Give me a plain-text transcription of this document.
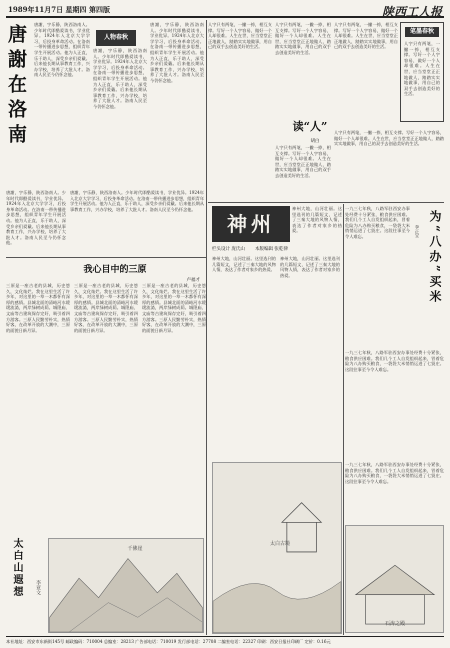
1989年11月7日 星期四 第四版	陕西工人报
唐謝在洛南	唐謝，字乐静，陕西洛南人。少年时代即酷爱读书，学业优异。1924年入北京大学学习，后投身革命活动。在洛南一带传播进步思想，组织青年学生开展活动。他为人正直，乐于助人，深受乡亲们爱戴。后来他长期从事教育工作，兴办学校，培养了大批人才。洛南人民至今仍怀念他。
唐謝，字乐静，陕西洛南人。少年时代即酷爱读书，学业优异。1924年入北京大学学习，后投身革命活动。在洛南一带传播进步思想，组织青年学生开展活动。他为人正直，乐于助人，深受乡亲们爱戴。后来他长期从事教育工作，兴办学校，培养了大批人才。洛南人民至今仍怀念他。
人物春秋
唐謝，字乐静，陕西洛南人。少年时代即酷爱读书，学业优异。1924年入北京大学学习，后投身革命活动。在洛南一带传播进步思想，组织青年学生开展活动。他为人正直，乐于助人，深受乡亲们爱戴。后来他长期从事教育工作，兴办学校，培养了大批人才。洛南人民至今仍怀念他。
唐謝，字乐静，陕西洛南人。少年时代即酷爱读书，学业优异。1924年入北京大学学习，后投身革命活动。在洛南一带传播进步思想，组织青年学生开展活动。他为人正直，乐于助人，深受乡亲们爱戴。后来他长期从事教育工作，兴办学校，培养了大批人才。洛南人民至今仍怀念他。
唐謝，字乐静，陕西洛南人。少年时代即酷爱读书，学业优异。1924年入北京大学学习，后投身革命活动。在洛南一带传播进步思想，组织青年学生开展活动。他为人正直，乐于助人，深受乡亲们爱戴。后来他长期从事教育工作，兴办学校，培养了大批人才。洛南人民至今仍怀念他。
我心目中的三原
卢福才
三原是一座古老的县城，历史悠久，文化灿烂。我在这里生活了许多年，对这里的一草一木都怀有深厚的感情。县城北面的清峪河水缓缓流淌，两岸绿树成荫。城隍庙、文庙等古建筑保存完好，吸引着四方游客。三原人民勤劳朴实，热情好客，在改革开放的大潮中，三原的面貌日新月异。
三原是一座古老的县城，历史悠久，文化灿烂。我在这里生活了许多年，对这里的一草一木都怀有深厚的感情。县城北面的清峪河水缓缓流淌，两岸绿树成荫。城隍庙、文庙等古建筑保存完好，吸引着四方游客。三原人民勤劳朴实，热情好客，在改革开放的大潮中，三原的面貌日新月异。
三原是一座古老的县城，历史悠久，文化灿烂。我在这里生活了许多年，对这里的一草一木都怀有深厚的感情。县城北面的清峪河水缓缓流淌，两岸绿树成荫。城隍庙、文庙等古建筑保存完好，吸引着四方游客。三原人民勤劳朴实，热情好客，在改革开放的大潮中，三原的面貌日新月异。
太白山遐想	李亚文
千佛崖
人字只有两笔，一撇一捺，相互支撑。写好一个人字容易，做好一个人却很难。人生在世，应当堂堂正正地做人，踏踏实实地做事，用自己的双手去创造美好的生活。
人字只有两笔，一撇一捺，相互支撑。写好一个人字容易，做好一个人却很难。人生在世，应当堂堂正正地做人，踏踏实实地做事，用自己的双手去创造美好的生活。
读“人”
胡白
人字只有两笔，一撇一捺，相互支撑。写好一个人字容易，做好一个人却很难。人生在世，应当堂堂正正地做人，踏踏实实地做事，用自己的双手去创造美好的生活。
人字只有两笔，一撇一捺，相互支撑。写好一个人字容易，做好一个人却很难。人生在世，应当堂堂正正地做人，踏踏实实地做事，用自己的双手去创造美好的生活。
笔墨春秋
人字只有两笔，一撇一捺，相互支撑。写好一个人字容易，做好一个人却很难。人生在世，应当堂堂正正地做人，踏踏实实地做事，用自己的双手去创造美好的生活。
人字只有两笔，一撇一捺，相互支撑。写好一个人字容易，做好一个人却很难。人生在世，应当堂堂正正地做人，踏踏实实地做事，用自己的双手去创造美好的生活。
神州
栏头设计 庞氏山	本版编辑 张乾律
神州大地，山河壮丽。这里选刊的几篇短文，记述了三秦大地的风物人情，表达了作者对家乡的热爱。	为“八办”买米
李正宝
一九三七年秋，八路军驻西安办事处经费十分紧张，粮食供应困难。我们几个工人自发组织起来，冒着危险为八办购买粮食，一袋袋大米悄悄运进了七贤庄。这段往事至今令人难忘。
神州大地，山河壮丽。这里选刊的几篇短文，记述了三秦大地的风物人情，表达了作者对家乡的热爱。
神州大地，山河壮丽。这里选刊的几篇短文，记述了三秦大地的风物人情，表达了作者对家乡的热爱。
一九三七年秋，八路军驻西安办事处经费十分紧张，粮食供应困难。我们几个工人自发组织起来，冒着危险为八办购买粮食，一袋袋大米悄悄运进了七贤庄。这段往事至今令人难忘。
一九三七年秋，八路军驻西安办事处经费十分紧张，粮食供应困难。我们几个工人自发组织起来，冒着危险为八办购买粮食，一袋袋大米悄悄运进了七贤庄。这段往事至今令人难忘。
太白古境
石涛之殿
本社地址：西安市东新街145号 邮政编码：710004 总编室：28213 广告部电话：710019 发行部电话：27708 二编室电话：22327 印刷：西安日报社印刷厂 定价：0.16元
